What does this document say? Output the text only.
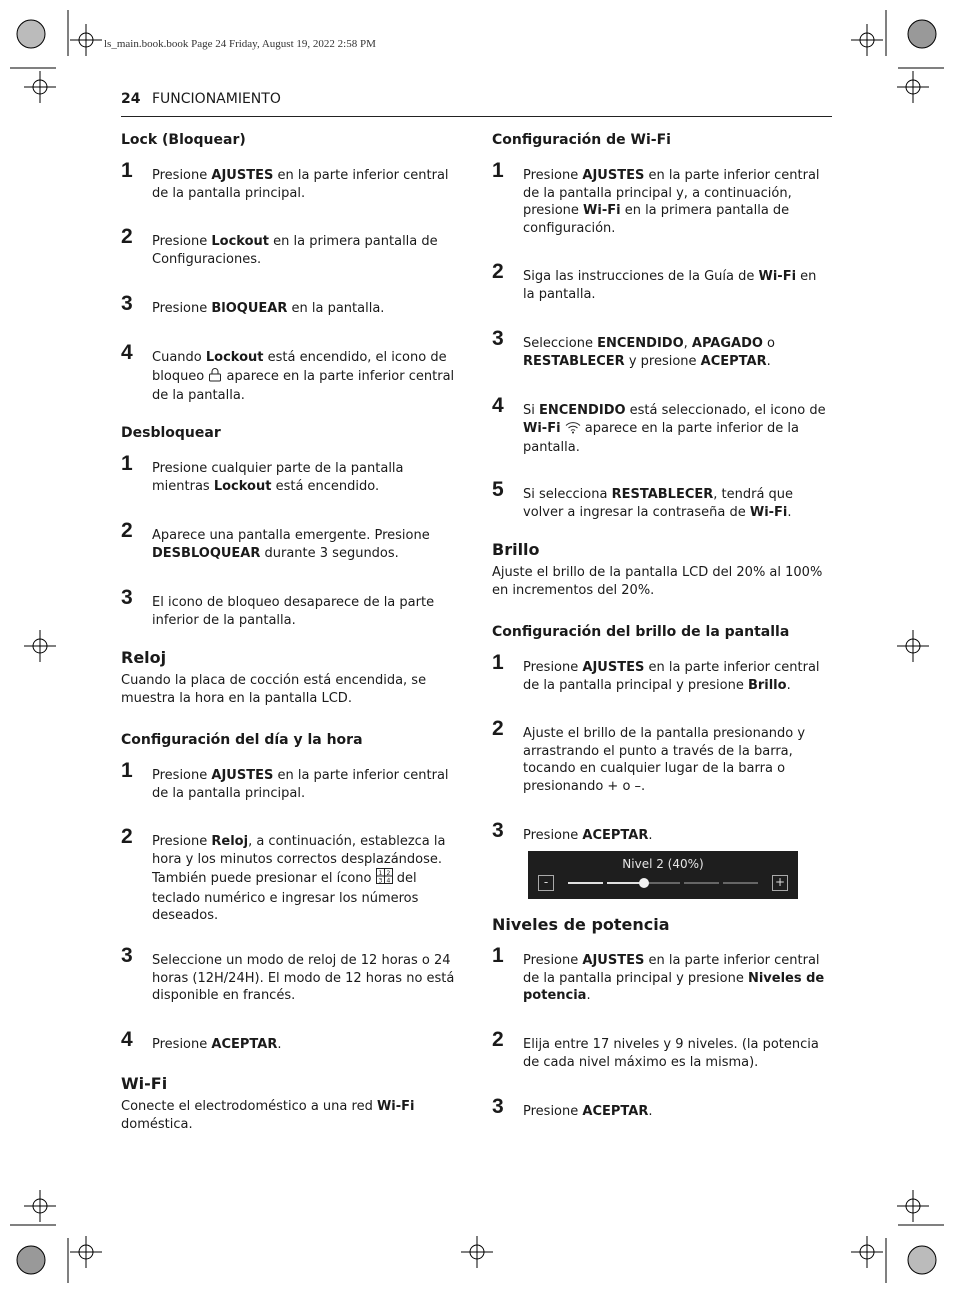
ls_main.book.book Page 24 Friday, August 19, 2022 2:58 PM
24 FUNCIONAMIENTO
Lock (Bloquear)
1 Presione AJUSTES en la parte inferior central de la pantalla principal.
2 Presione Lockout en la primera pantalla de Configuraciones.
3 Presione BlOQUEAR en la pantalla.
4 Cuando Lockout está encendido, el icono de bloqueo  aparece en la parte inferior central de la pantalla.
Desbloquear
1 Presione cualquier parte de la pantalla mientras Lockout está encendido.
2 Aparece una pantalla emergente. Presione DESBLOQUEAR durante 3 segundos.
3 El icono de bloqueo desaparece de la parte inferior de la pantalla.
Reloj
Cuando la placa de cocción está encendida, se muestra la hora en la pantalla LCD.
Configuración del día y la hora
1 Presione AJUSTES en la parte inferior central de la pantalla principal.
2 Presione Reloj, a continuación, establezca la hora y los minutos correctos desplazándose. También puede presionar el ícono 1 2
3 4 del teclado numérico e ingresar los números deseados.
3 Seleccione un modo de reloj de 12 horas o 24 horas (12H/24H). El modo de 12 horas no está disponible en francés.
4 Presione ACEPTAR.
Wi-Fi
Conecte el electrodoméstico a una red Wi-Fi doméstica.
Configuración de Wi-Fi
1 Presione AJUSTES en la parte inferior central de la pantalla principal y, a continuación, presione Wi-Fi en la primera pantalla de configuración.
2 Siga las instrucciones de la Guía de Wi-Fi en la pantalla.
3 Seleccione ENCENDIDO, APAGADO o RESTABLECER y presione ACEPTAR.
4 Si ENCENDIDO está seleccionado, el icono de Wi-Fi  aparece en la parte inferior de la pantalla.
5 Si selecciona RESTABLECER, tendrá que volver a ingresar la contraseña de Wi-Fi.
Brillo
Ajuste el brillo de la pantalla LCD del 20% al 100% en incrementos del 20%.
Configuración del brillo de la pantalla
1 Presione AJUSTES en la parte inferior central de la pantalla principal y presione Brillo.
2 Ajuste el brillo de la pantalla presionando y arrastrando el punto a través de la barra, tocando en cualquier lugar de la barra o presionando + o –.
3 Presione ACEPTAR.
Nivel 2 (40%)
-	+
Niveles de potencia
1 Presione AJUSTES en la parte inferior central de la pantalla principal y presione Niveles de potencia.
2 Elija entre 17 niveles y 9 niveles. (la potencia de cada nivel máximo es la misma).
3 Presione ACEPTAR.
